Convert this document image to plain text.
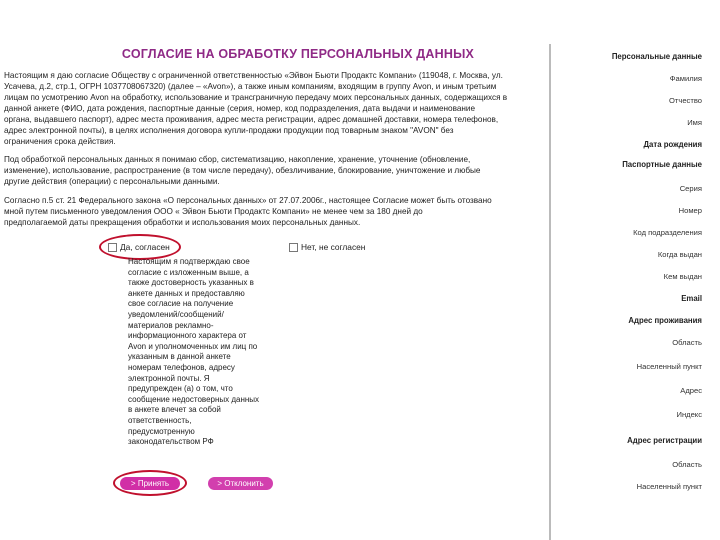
СОГЛАСИЕ НА ОБРАБОТКУ ПЕРСОНАЛЬНЫХ ДАННЫХ
Настоящим я даю согласие Обществу с ограниченной ответственностью «Эйвон Бьюти Продактс Компани» (119048, г. Москва, ул.
Усачева, д.2, стр.1, ОГРН 1037708067320) (далее – «Avon»), а также иным компаниям, входящим в группу Avon, и иным третьим
лицам по усмотрению Avon на обработку, использование и трансграничную передачу моих персональных данных, содержащихся в
данной анкете (ФИО, дата рождения, паспортные данные (серия, номер, код подразделения, дата выдачи и наименование
органа, выдавшего паспорт), адрес места проживания, адрес места регистрации, адрес домашней доставки, номера телефонов,
адрес электронной почты), в целях исполнения договора купли-продажи продукции под товарным знаком "AVON" без
ограничения срока действия.
Под обработкой персональных данных я понимаю сбор, систематизацию, накопление, хранение, уточнение (обновление,
изменение), использование, распространение (в том числе передачу), обезличивание, блокирование, уничтожение и любые
другие действия (операции) с персональными данными.
Согласно п.5 ст. 21 Федерального закона «О персональных данных» от 27.07.2006г., настоящее Согласие может быть отозвано
мной путем письменного уведомления ООО « Эйвон Бьюти Продактс Компани» не менее чем за 180 дней до
предполагаемой даты прекращения обработки и использования моих персональных данных.
Да, согласен	Нет, не согласен
Настоящим я подтверждаю свое
согласие с изложенным выше, а
также достоверность указанных в
анкете данных и предоставляю
свое согласие на получение
уведомлений/сообщений/
материалов рекламно-
информационного характера от
Avon и уполномоченных им лиц по
указанным в данной анкете
номерам телефонов, адресу
электронной почты. Я
предупрежден (а) о том, что
сообщение недостоверных данных
в анкете влечет за собой
ответственность,
предусмотренную
законодательством РФ
> Принять	> Отклонить
Персональные данные
Фамилия
Отчество
Имя
Дата рождения
Паспортные данные
Серия
Номер
Код подразделения
Когда выдан
Кем выдан
Email
Адрес проживания
Область
Населенный пункт
Адрес
Индекс
Адрес регистрации
Область
Населенный пункт
